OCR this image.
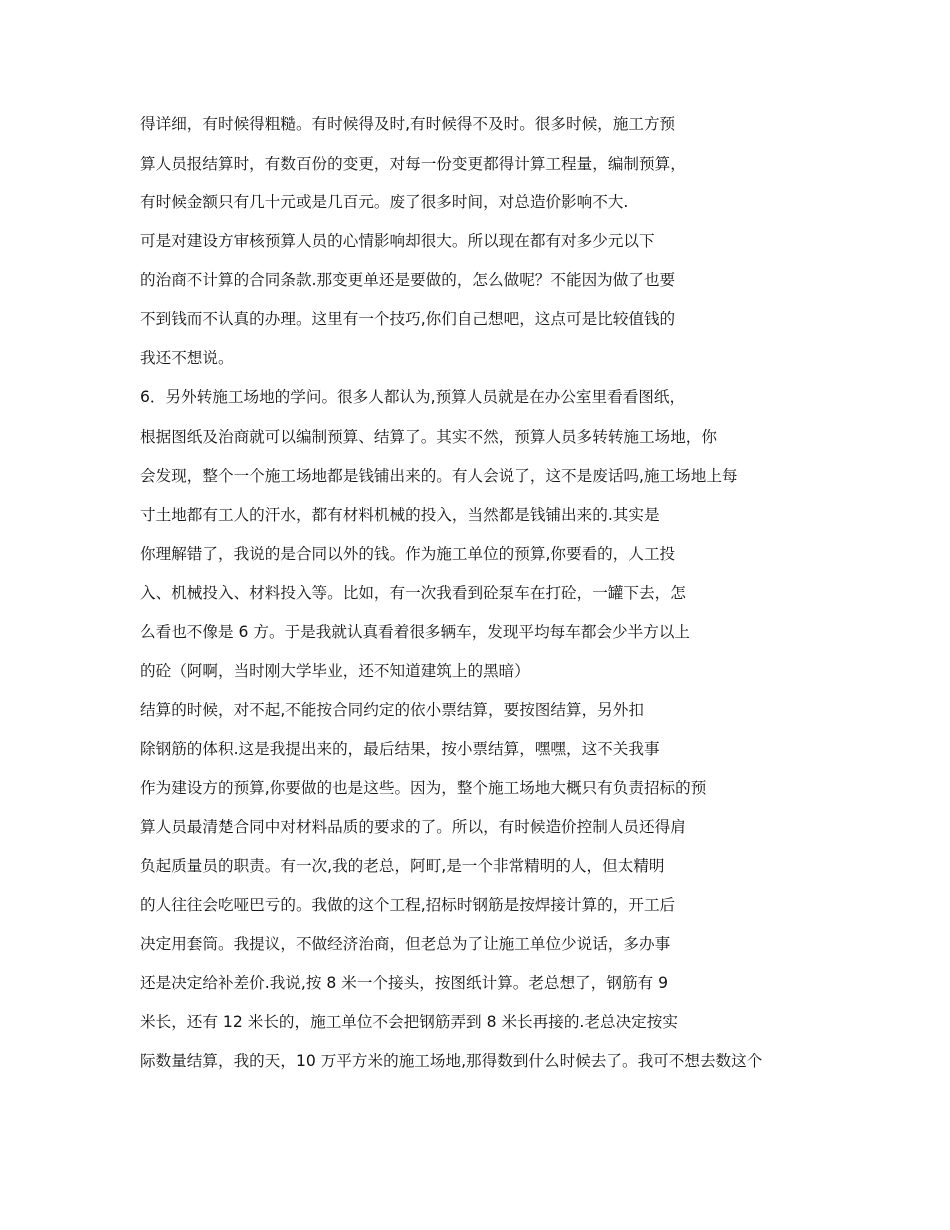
得详细，有时候得粗糙。有时候得及时,有时候得不及时。很多时候，施工方预

算人员报结算时，有数百份的变更，对每一份变更都得计算工程量，编制预算，

有时候金额只有几十元或是几百元。废了很多时间，对总造价影响不大.

可是对建设方审核预算人员的心情影响却很大。所以现在都有对多少元以下

的治商不计算的合同条款.那变更单还是要做的，怎么做呢？不能因为做了也要

不到钱而不认真的办理。这里有一个技巧,你们自己想吧，这点可是比较值钱的

我还不想说。

6．另外转施工场地的学问。很多人都认为,预算人员就是在办公室里看看图纸，

根据图纸及治商就可以编制预算、结算了。其实不然，预算人员多转转施工场地，你

会发现，整个一个施工场地都是钱铺出来的。有人会说了，这不是废话吗,施工场地上每

寸土地都有工人的汗水，都有材料机械的投入，当然都是钱铺出来的.其实是

你理解错了，我说的是合同以外的钱。作为施工单位的预算,你要看的，人工投

入、机械投入、材料投入等。比如，有一次我看到砼泵车在打砼，一罐下去，怎

么看也不像是 6 方。于是我就认真看着很多辆车，发现平均每车都会少半方以上

的砼（阿啊，当时刚大学毕业，还不知道建筑上的黑暗）

结算的时候，对不起,不能按合同约定的依小票结算，要按图结算，另外扣

除钢筋的体积.这是我提出来的，最后结果，按小票结算，嘿嘿，这不关我事

作为建设方的预算,你要做的也是这些。因为，整个施工场地大概只有负责招标的预

算人员最清楚合同中对材料品质的要求的了。所以，有时候造价控制人员还得肩

负起质量员的职责。有一次,我的老总，阿町,是一个非常精明的人，但太精明

的人往往会吃哑巴亏的。我做的这个工程,招标时钢筋是按焊接计算的，开工后

决定用套筒。我提议，不做经济治商，但老总为了让施工单位少说话，多办事

还是决定给补差价.我说,按 8 米一个接头，按图纸计算。老总想了，钢筋有 9

米长，还有 12 米长的，施工单位不会把钢筋弄到 8 米长再接的.老总决定按实

际数量结算，我的天，10 万平方米的施工场地,那得数到什么时候去了。我可不想去数这个
